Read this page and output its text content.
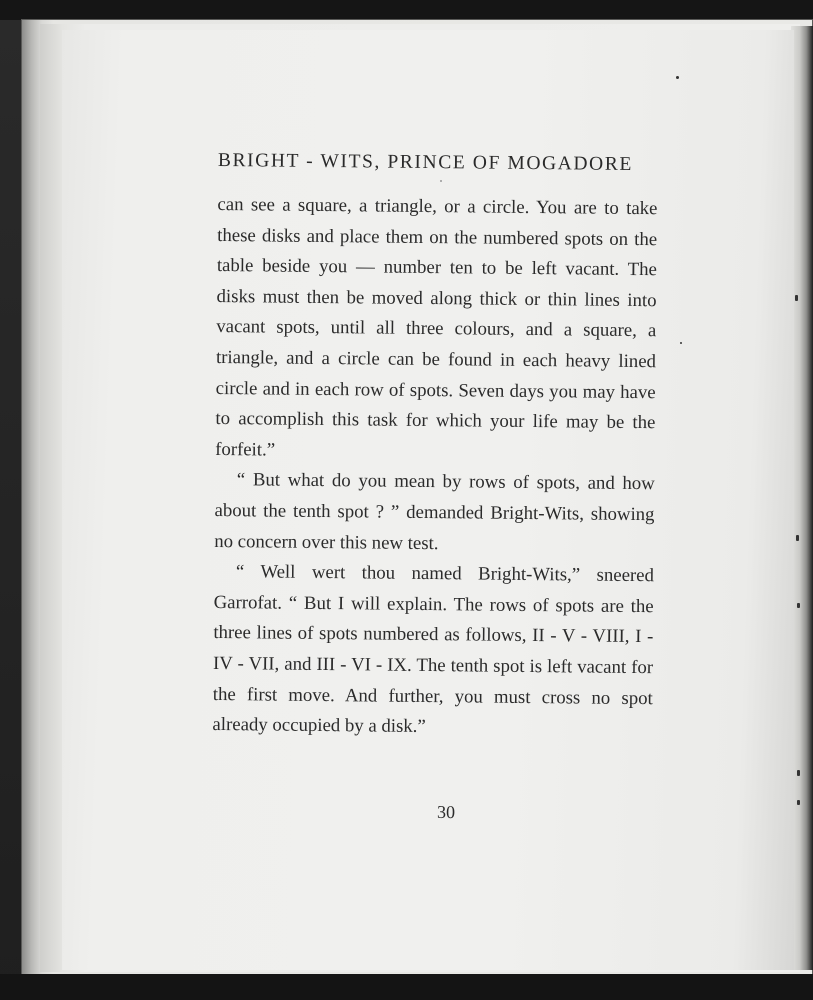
BRIGHT - WITS, PRINCE OF MOGADORE

can see a square, a triangle, or a circle. You are to take these disks and place them on the numbered spots on the table beside you — number ten to be left vacant. The disks must then be moved along thick or thin lines into vacant spots, until all three colours, and a square, a triangle, and a circle can be found in each heavy lined circle and in each row of spots. Seven days you may have to accomplish this task for which your life may be the forfeit.”

“ But what do you mean by rows of spots, and how about the tenth spot ? ” demanded Bright-Wits, showing no concern over this new test.

“ Well wert thou named Bright-Wits,” sneered Garrofat. “ But I will explain. The rows of spots are the three lines of spots numbered as follows, II - V - VIII, I - IV - VII, and III - VI - IX. The tenth spot is left vacant for the first move. And further, you must cross no spot already occupied by a disk.”

30
